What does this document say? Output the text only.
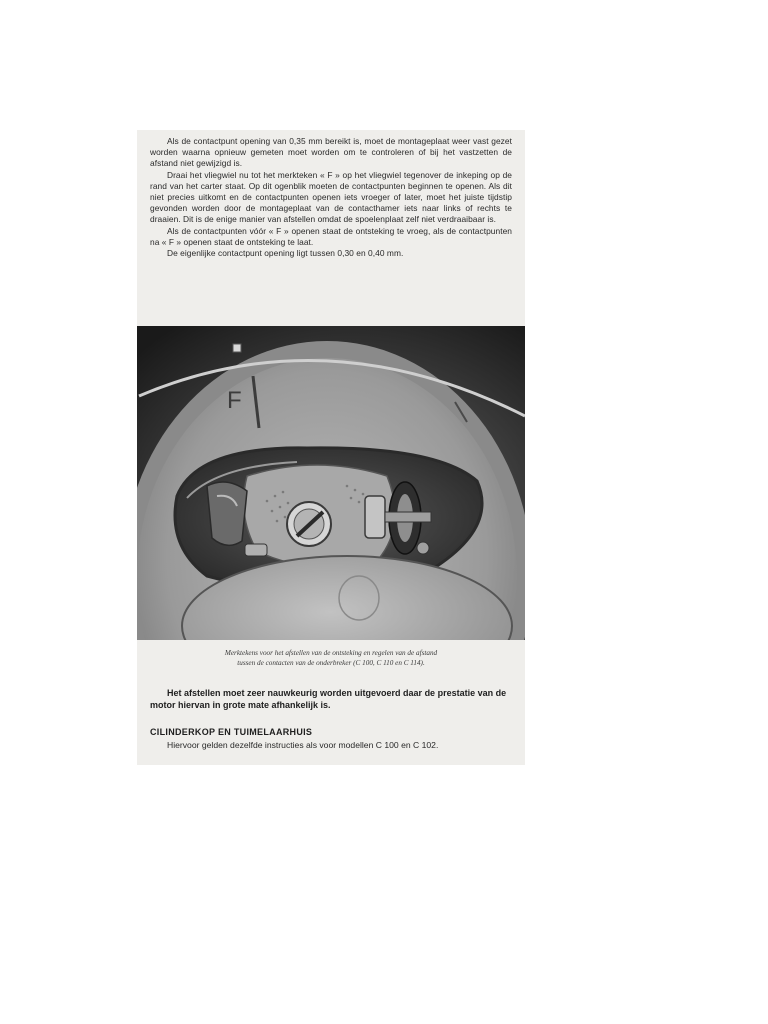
Als de contactpunt opening van 0,35 mm bereikt is, moet de montageplaat weer vast gezet worden waarna opnieuw gemeten moet worden om te controleren of bij het vastzetten de afstand niet gewijzigd is.

Draai het vliegwiel nu tot het merkteken « F » op het vliegwiel tegenover de inkeping op de rand van het carter staat. Op dit ogenblik moeten de contactpunten beginnen te openen. Als dit niet precies uitkomt en de contactpunten openen iets vroeger of later, moet het juiste tijdstip gevonden worden door de montageplaat van de contacthamer iets naar links of rechts te draaien. Dit is de enige manier van afstellen omdat de spoelenplaat zelf niet verdraaibaar is.

Als de contactpunten vóór « F » openen staat de ontsteking te vroeg, als de contactpunten na « F » openen staat de ontsteking te laat.

De eigenlijke contactpunt opening ligt tussen 0,30 en 0,40 mm.

F
Merktekens voor het afstellen van de ontsteking en regelen van de afstand
tussen de contacten van de onderbreker (C 100, C 110 en C 114).

Het afstellen moet zeer nauwkeurig worden uitgevoerd daar de prestatie van de motor hiervan in grote mate afhankelijk is.

CILINDERKOP EN TUIMELAARHUIS

Hiervoor gelden dezelfde instructies als voor modellen C 100 en C 102.
